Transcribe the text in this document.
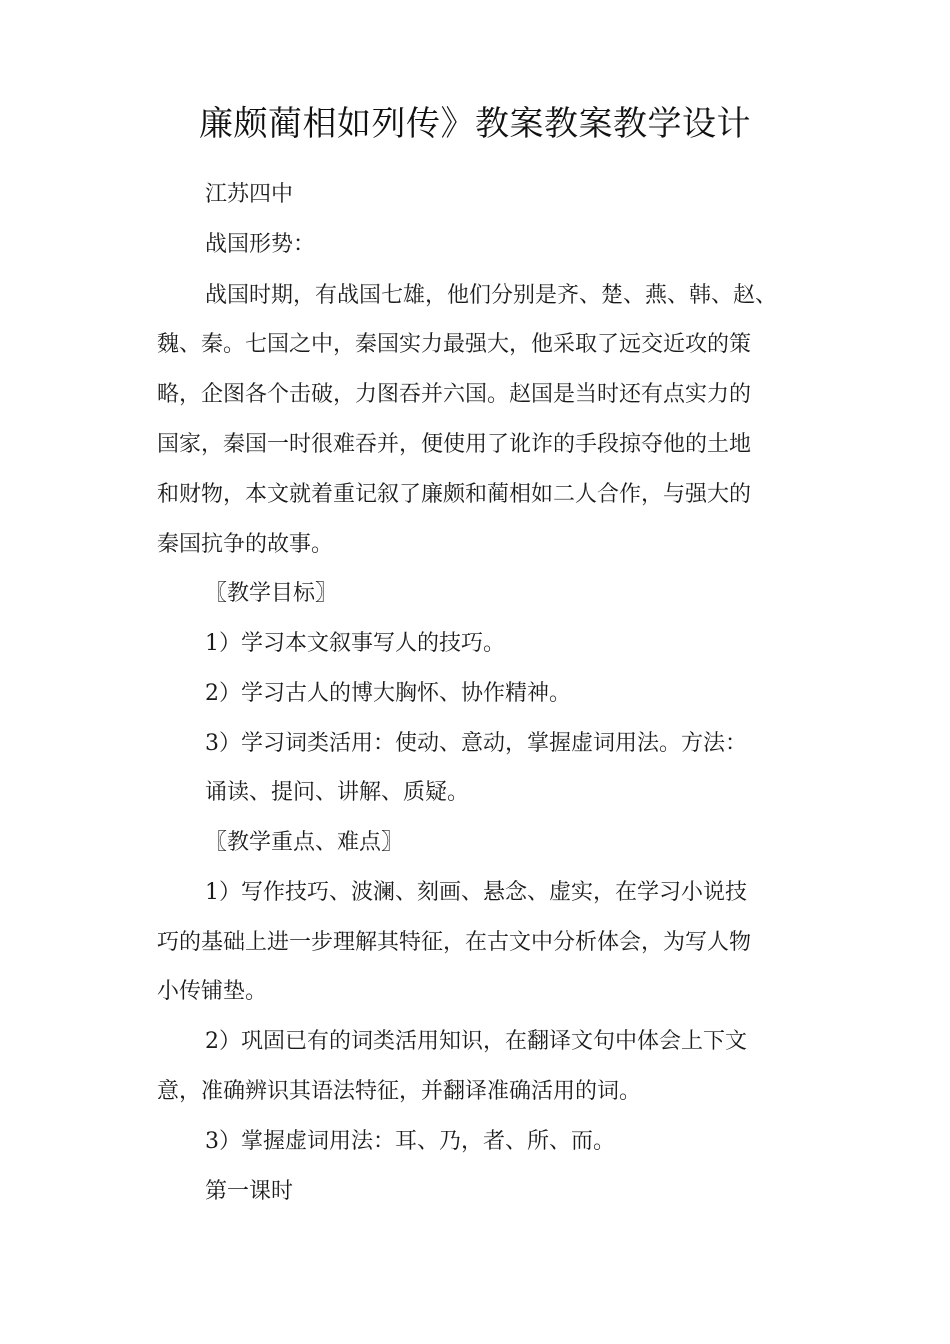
廉颇蔺相如列传》教案教案教学设计
江苏四中
战国形势：
战国时期，有战国七雄，他们分别是齐、楚、燕、韩、赵、
魏、秦。七国之中，秦国实力最强大，他采取了远交近攻的策
略，企图各个击破，力图吞并六国。赵国是当时还有点实力的
国家，秦国一时很难吞并，便使用了讹诈的手段掠夺他的土地
和财物，本文就着重记叙了廉颇和蔺相如二人合作，与强大的
秦国抗争的故事。
〖教学目标〗
1）学习本文叙事写人的技巧。
2）学习古人的博大胸怀、协作精神。
3）学习词类活用：使动、意动，掌握虚词用法。方法：
诵读、提问、讲解、质疑。
〖教学重点、难点〗
1）写作技巧、波澜、刻画、悬念、虚实，在学习小说技
巧的基础上进一步理解其特征，在古文中分析体会，为写人物
小传铺垫。
2）巩固已有的词类活用知识，在翻译文句中体会上下文
意，准确辨识其语法特征，并翻译准确活用的词。
3）掌握虚词用法：耳、乃，者、所、而。
第一课时
